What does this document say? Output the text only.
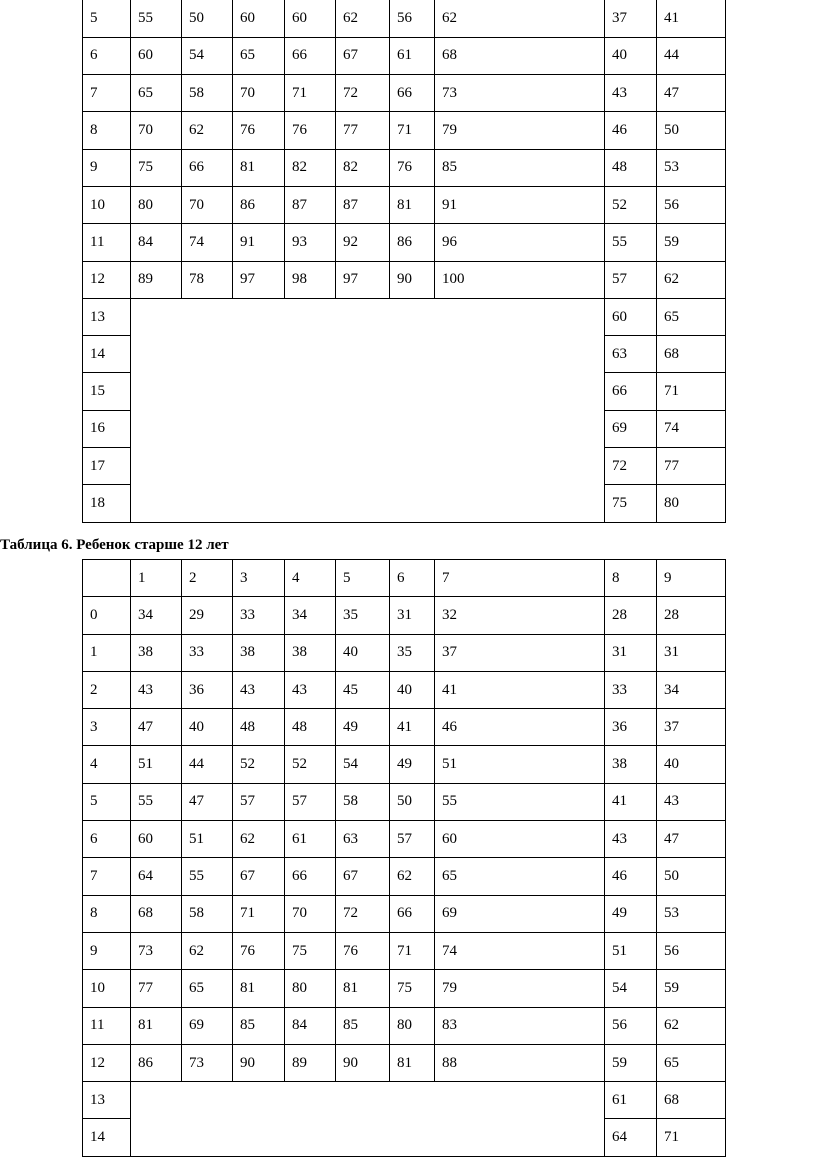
5	55	50	60	60	62	56	62	37	41
6	60	54	65	66	67	61	68	40	44
7	65	58	70	71	72	66	73	43	47
8	70	62	76	76	77	71	79	46	50
9	75	66	81	82	82	76	85	48	53
10	80	70	86	87	87	81	91	52	56
11	84	74	91	93	92	86	96	55	59
12	89	78	97	98	97	90	100	57	62
13								60	65
14								63	68
15								66	71
16								69	74
17								72	77
18								75	80
Таблица 6. Ребенок старше 12 лет
	1	2	3	4	5	6	7	8	9
0	34	29	33	34	35	31	32	28	28
1	38	33	38	38	40	35	37	31	31
2	43	36	43	43	45	40	41	33	34
3	47	40	48	48	49	41	46	36	37
4	51	44	52	52	54	49	51	38	40
5	55	47	57	57	58	50	55	41	43
6	60	51	62	61	63	57	60	43	47
7	64	55	67	66	67	62	65	46	50
8	68	58	71	70	72	66	69	49	53
9	73	62	76	75	76	71	74	51	56
10	77	65	81	80	81	75	79	54	59
11	81	69	85	84	85	80	83	56	62
12	86	73	90	89	90	81	88	59	65
13								61	68
14								64	71
